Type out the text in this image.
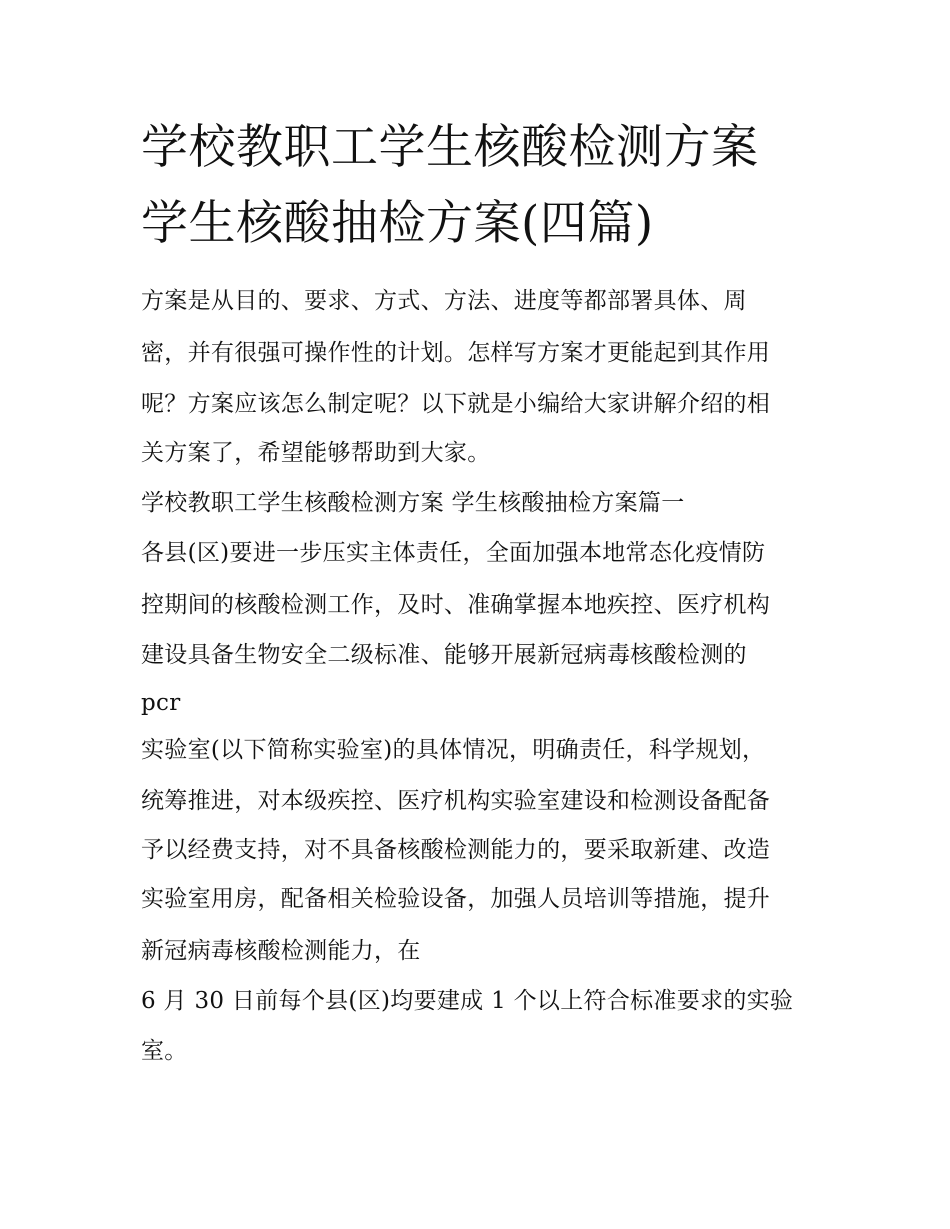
学校教职工学生核酸检测方案
学生核酸抽检方案(四篇)
方案是从目的、要求、方式、方法、进度等都部署具体、周
密，并有很强可操作性的计划。怎样写方案才更能起到其作用
呢？方案应该怎么制定呢？以下就是小编给大家讲解介绍的相
关方案了，希望能够帮助到大家。
学校教职工学生核酸检测方案 学生核酸抽检方案篇一
各县(区)要进一步压实主体责任，全面加强本地常态化疫情防
控期间的核酸检测工作，及时、准确掌握本地疾控、医疗机构
建设具备生物安全二级标准、能够开展新冠病毒核酸检测的
pcr
实验室(以下简称实验室)的具体情况，明确责任，科学规划，
统筹推进，对本级疾控、医疗机构实验室建设和检测设备配备
予以经费支持，对不具备核酸检测能力的，要采取新建、改造
实验室用房，配备相关检验设备，加强人员培训等措施，提升
新冠病毒核酸检测能力，在
6 月 30 日前每个县(区)均要建成 1 个以上符合标准要求的实验
室。
